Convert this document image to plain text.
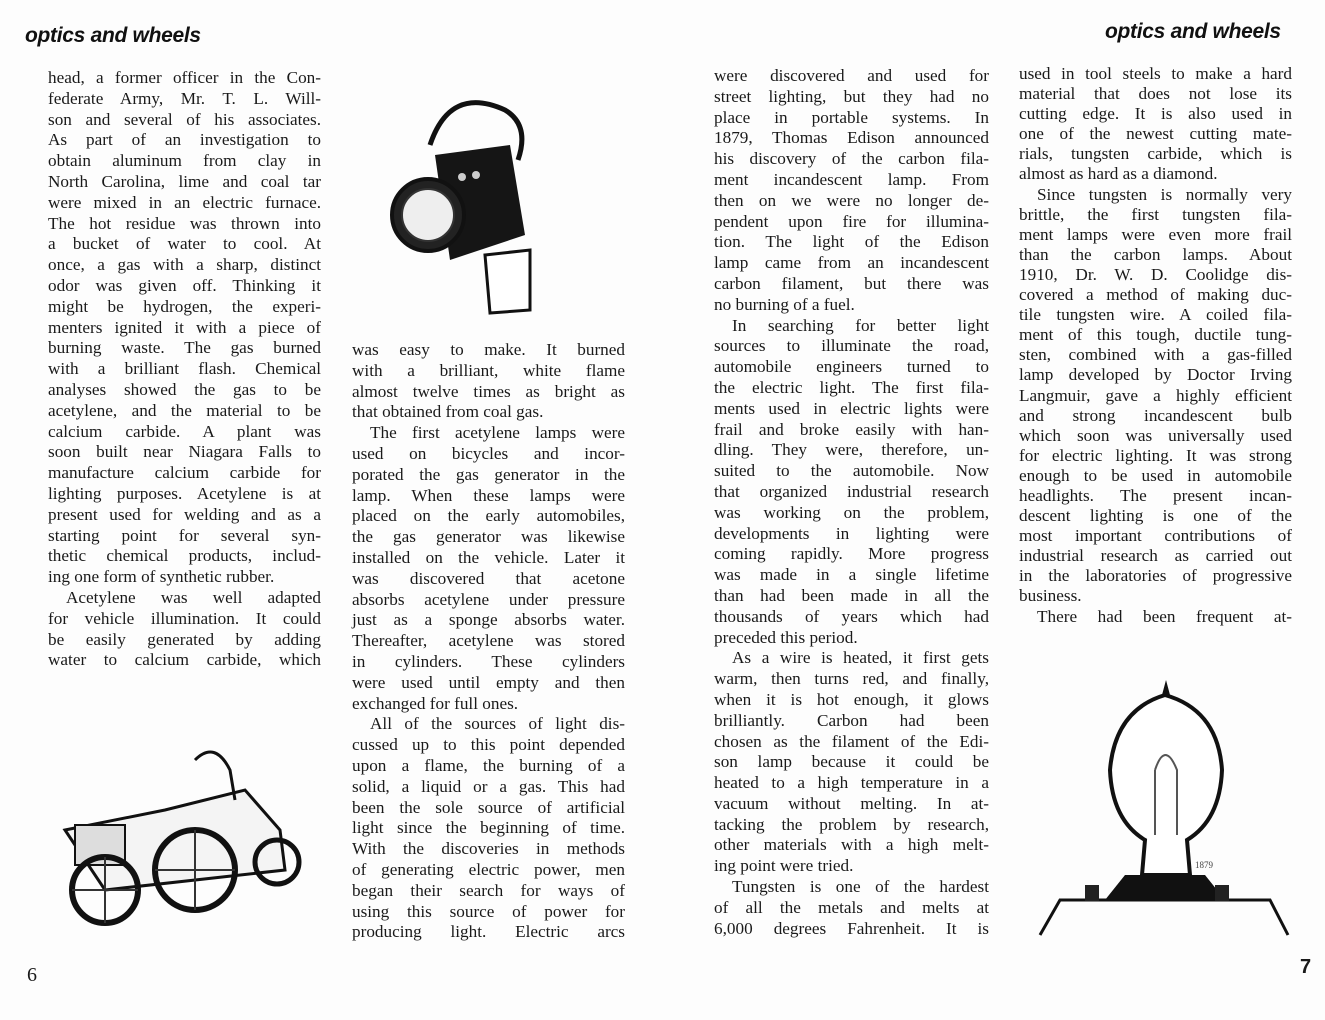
optics and wheels	optics and wheels
head, a former officer in the Con-
federate Army, Mr. T. L. Will-
son and several of his associates.
As part of an investigation to
obtain aluminum from clay in
North Carolina, lime and coal tar
were mixed in an electric furnace.
The hot residue was thrown into
a bucket of water to cool. At
once, a gas with a sharp, distinct
odor was given off. Thinking it
might be hydrogen, the experi-
menters ignited it with a piece of
burning waste. The gas burned
with a brilliant flash. Chemical
analyses showed the gas to be
acetylene, and the material to be
calcium carbide. A plant was
soon built near Niagara Falls to
manufacture calcium carbide for
lighting purposes. Acetylene is at
present used for welding and as a
starting point for several syn-
thetic chemical products, includ-
ing one form of synthetic rubber.
Acetylene was well adapted
for vehicle illumination. It could
be easily generated by adding
water to calcium carbide, which
was easy to make. It burned
with a brilliant, white flame
almost twelve times as bright as
that obtained from coal gas.
The first acetylene lamps were
used on bicycles and incor-
porated the gas generator in the
lamp. When these lamps were
placed on the early automobiles,
the gas generator was likewise
installed on the vehicle. Later it
was discovered that acetone
absorbs acetylene under pressure
just as a sponge absorbs water.
Thereafter, acetylene was stored
in cylinders. These cylinders
were used until empty and then
exchanged for full ones.
All of the sources of light dis-
cussed up to this point depended
upon a flame, the burning of a
solid, a liquid or a gas. This had
been the sole source of artificial
light since the beginning of time.
With the discoveries in methods
of generating electric power, men
began their search for ways of
using this source of power for
producing light. Electric arcs
were discovered and used for
street lighting, but they had no
place in portable systems. In
1879, Thomas Edison announced
his discovery of the carbon fila-
ment incandescent lamp. From
then on we were no longer de-
pendent upon fire for illumina-
tion. The light of the Edison
lamp came from an incandescent
carbon filament, but there was
no burning of a fuel.
In searching for better light
sources to illuminate the road,
automobile engineers turned to
the electric light. The first fila-
ments used in electric lights were
frail and broke easily with han-
dling. They were, therefore, un-
suited to the automobile. Now
that organized industrial research
was working on the problem,
developments in lighting were
coming rapidly. More progress
was made in a single lifetime
than had been made in all the
thousands of years which had
preceded this period.
As a wire is heated, it first gets
warm, then turns red, and finally,
when it is hot enough, it glows
brilliantly. Carbon had been
chosen as the filament of the Edi-
son lamp because it could be
heated to a high temperature in a
vacuum without melting. In at-
tacking the problem by research,
other materials with a high melt-
ing point were tried.
Tungsten is one of the hardest
of all the metals and melts at
6,000 degrees Fahrenheit. It is
used in tool steels to make a hard
material that does not lose its
cutting edge. It is also used in
one of the newest cutting mate-
rials, tungsten carbide, which is
almost as hard as a diamond.
Since tungsten is normally very
brittle, the first tungsten fila-
ment lamps were even more frail
than the carbon lamps. About
1910, Dr. W. D. Coolidge dis-
covered a method of making duc-
tile tungsten wire. A coiled fila-
ment of this tough, ductile tung-
sten, combined with a gas-filled
lamp developed by Doctor Irving
Langmuir, gave a highly efficient
and strong incandescent bulb
which soon was universally used
for electric lighting. It was strong
enough to be used in automobile
headlights. The present incan-
descent lighting is one of the
most important contributions of
industrial research as carried out
in the laboratories of progressive
business.
There had been frequent at-
1879
6	7
